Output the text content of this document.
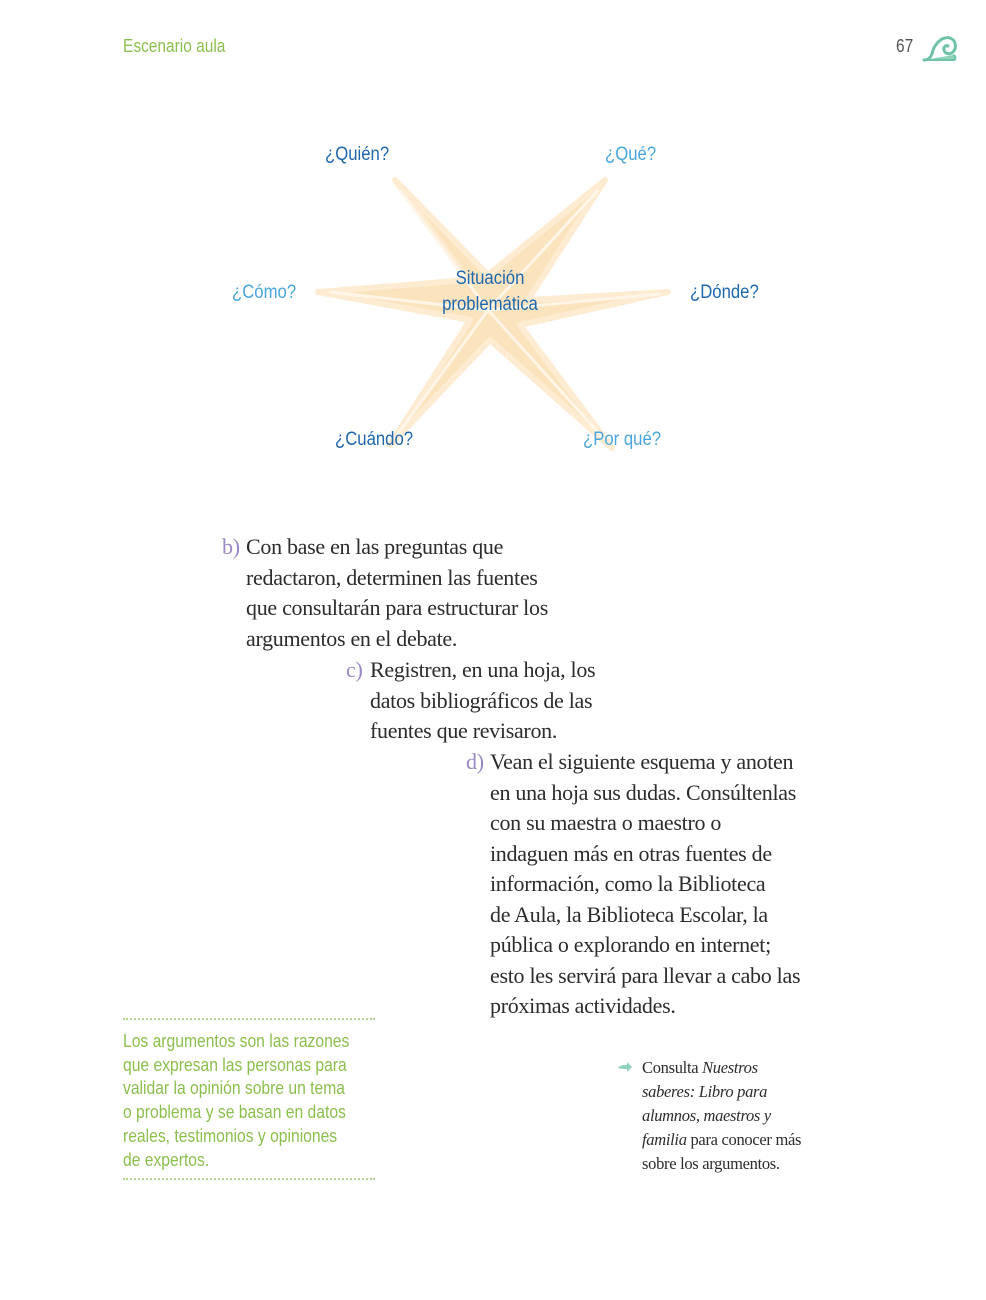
Escenario aula	67
Situación
problemática
¿Quién?	¿Qué?
¿Cómo?	¿Dónde?
¿Cuándo?	¿Por qué?
b) Con base en las preguntas que
redactaron, determinen las fuentes
que consultarán para estructurar los
argumentos en el debate.
c) Registren, en una hoja, los
datos bibliográficos de las
fuentes que revisaron.
d) Vean el siguiente esquema y anoten
en una hoja sus dudas. Consúltenlas
con su maestra o maestro o
indaguen más en otras fuentes de
información, como la Biblioteca
de Aula, la Biblioteca Escolar, la
pública o explorando en internet;
esto les servirá para llevar a cabo las
próximas actividades.

Los argumentos son las razones

que expresan las personas para

validar la opinión sobre un tema

o problema y se basan en datos

reales, testimonios y opiniones

de expertos.

Consulta Nuestros
saberes: Libro para
alumnos, maestros y
familia para conocer más
sobre los argumentos.
